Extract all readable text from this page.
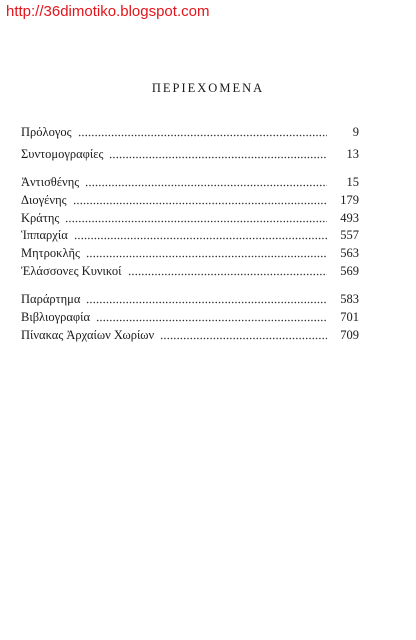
http://36dimotiko.blogspot.com
ΠΕΡΙΕΧΟΜΕΝΑ
Πρόλογος	9
Συντομογραφίες	13
Ἀντισθένης	15
Διογένης	179
Κράτης	493
Ἱππαρχία	557
Μητροκλῆς	563
Ἐλάσσονες Κυνικοί	569
Παράρτημα	583
Βιβλιογραφία	701
Πίνακας Ἀρχαίων Χωρίων	709
